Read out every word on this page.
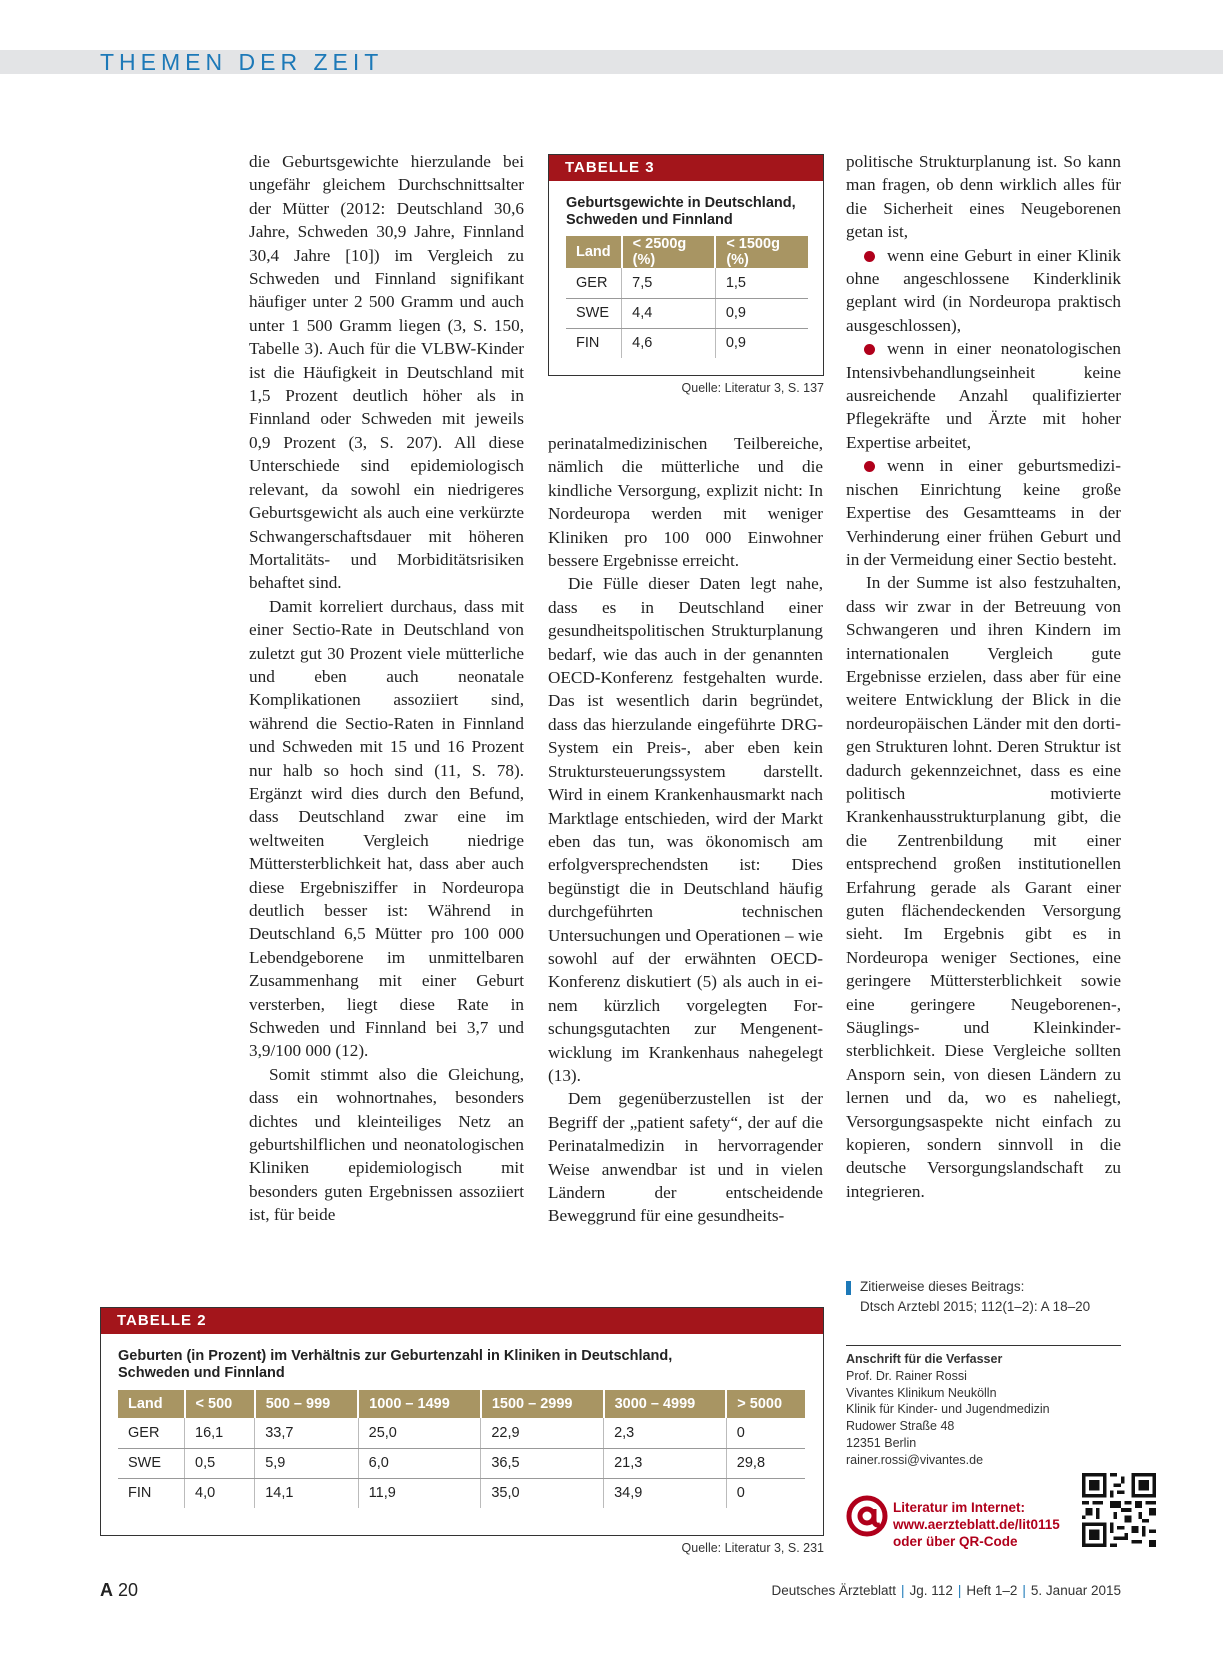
THEMEN DER ZEIT

die Geburtsgewichte hierzulande bei ungefähr gleichem Durchschnittsalter der Mütter (2012: Deutschland 30,6 Jahre, Schweden 30,9 Jahre, Finnland 30,4 Jahre [10]) im Vergleich zu Schweden und Finnland signifikant häufiger unter 2 500 Gramm und auch unter 1 500 Gramm liegen (3, S. 150, Tabelle 3). Auch für die VLBW-Kinder ist die Häufigkeit in Deutschland mit 1,5 Prozent deutlich höher als in Finnland oder Schweden mit jeweils 0,9 Prozent (3, S. 207). All diese Unterschiede sind epidemiologisch relevant, da sowohl ein niedrigeres Geburtsgewicht als auch eine verkürzte Schwangerschaftsdauer mit höheren Mortalitäts- und Morbiditätsrisiken behaftet sind.

Damit korreliert durchaus, dass mit einer Sectio-Rate in Deutschland von zuletzt gut 30 Prozent viele mütterliche und eben auch neonatale Komplikationen assoziiert sind, während die Sectio-Raten in Finnland und Schweden mit 15 und 16 Prozent nur halb so hoch sind (11, S. 78). Ergänzt wird dies durch den Befund, dass Deutschland zwar eine im weltweiten Vergleich niedrige Müttersterblichkeit hat, dass aber auch diese Ergebnisziffer in Nordeuropa deutlich besser ist: Während in Deutschland 6,5 Mütter pro 100 000 Lebendgeborene im unmittelbaren Zusammenhang mit einer Geburt versterben, liegt diese Rate in Schweden und Finnland bei 3,7 und 3,9/100 000 (12).

Somit stimmt also die Gleichung, dass ein wohnortnahes, besonders dichtes und kleinteiliges Netz an geburtshilflichen und neonatologischen Kliniken epidemiologisch mit besonders guten Ergebnissen assoziiert ist, für beide

TABELLE 3
Geburtsgewichte in Deutschland, Schweden und Finnland
Land	< 2500g (%)	< 1500g (%)
GER	7,5	1,5
SWE	4,4	0,9
FIN	4,6	0,9
Quelle: Literatur 3, S. 137

perinatalmedizinischen Teilbereiche, nämlich die mütterliche und die kindliche Versorgung, explizit nicht: In Nordeuropa werden mit weniger Kliniken pro 100 000 Einwohner bessere Ergebnisse erreicht.

Die Fülle dieser Daten legt nahe, dass es in Deutschland einer gesundheitspolitischen Strukturplanung bedarf, wie das auch in der genannten OECD-Konferenz festgehalten wurde. Das ist wesentlich darin begründet, dass das hierzulande eingeführte DRG-System ein Preis-, aber eben kein Struktursteuerungssystem darstellt. Wird in einem Krankenhausmarkt nach Marktlage entschieden, wird der Markt eben das tun, was ökonomisch am erfolgversprechendsten ist: Dies begünstigt die in Deutschland häufig durchgeführten technischen Untersuchungen und Operationen – wie sowohl auf der erwähnten OECD-Konferenz diskutiert (5) als auch in einem kürzlich vorgelegten Forschungsgutachten zur Mengenentwicklung im Krankenhaus nahegelegt (13).

Dem gegenüberzustellen ist der Begriff der „patient safety“, der auf die Perinatalmedizin in hervorragender Weise anwendbar ist und in vielen Ländern der entscheidende Beweggrund für eine gesundheits-

politische Strukturplanung ist. So kann man fragen, ob denn wirklich alles für die Sicherheit eines Neugeborenen getan ist,

wenn eine Geburt in einer Klinik ohne angeschlossene Kinderklinik geplant wird (in Nordeuropa praktisch ausgeschlossen),

wenn in einer neonatologischen Intensivbehandlungseinheit keine ausreichende Anzahl qualifizierter Pflegekräfte und Ärzte mit hoher Expertise arbeitet,

wenn in einer geburtsmedizinischen Einrichtung keine große Expertise des Gesamtteams in der Verhinderung einer frühen Geburt und in der Vermeidung einer Sectio besteht.

In der Summe ist also festzuhalten, dass wir zwar in der Betreuung von Schwangeren und ihren Kindern im internationalen Vergleich gute Ergebnisse erzielen, dass aber für eine weitere Entwicklung der Blick in die nordeuropäischen Länder mit den dortigen Strukturen lohnt. Deren Struktur ist dadurch gekennzeichnet, dass es eine politisch motivierte Krankenhausstrukturplanung gibt, die die Zentrenbildung mit einer entsprechend großen institutionellen Erfahrung gerade als Garant einer guten flächendeckenden Versorgung sieht. Im Ergebnis gibt es in Nordeuropa weniger Sectiones, eine geringere Müttersterblichkeit sowie eine geringere Neugeborenen-, Säuglings- und Kleinkindersterblichkeit. Diese Vergleiche sollten Ansporn sein, von diesen Ländern zu lernen und da, wo es naheliegt, Versorgungsaspekte nicht einfach zu kopieren, sondern sinnvoll in die deutsche Versorgungslandschaft zu integrieren.

TABELLE 2
Geburten (in Prozent) im Verhältnis zur Geburtenzahl in Kliniken in Deutschland,
Schweden und Finnland
Land	< 500	500 – 999	1000 – 1499	1500 – 2999	3000 – 4999	> 5000
GER	16,1	33,7	25,0	22,9	2,3	0
SWE	0,5	5,9	6,0	36,5	21,3	29,8
FIN	4,0	14,1	11,9	35,0	34,9	0
Quelle: Literatur 3, S. 231
Zitierweise dieses Beitrags:
Dtsch Arztebl 2015; 112(1–2): A 18–20
Anschrift für die Verfasser
Prof. Dr. Rainer Rossi
Vivantes Klinikum Neukölln
Klinik für Kinder- und Jugendmedizin
Rudower Straße 48
12351 Berlin
rainer.rossi@vivantes.de
Literatur im Internet:
www.aerzteblatt.de/lit0115
oder über QR-Code
A 20	Deutsches Ärzteblatt | Jg. 112 | Heft 1–2 | 5. Januar 2015
